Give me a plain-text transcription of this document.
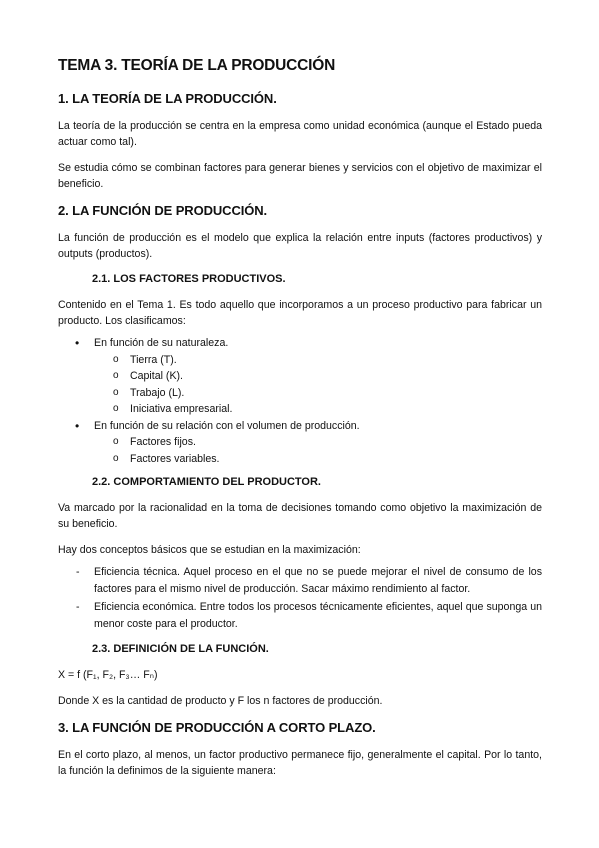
TEMA 3. TEORÍA DE LA PRODUCCIÓN
1. LA TEORÍA DE LA PRODUCCIÓN.

La teoría de la producción se centra en la empresa como unidad económica (aunque el Estado pueda actuar como tal).

Se estudia cómo se combinan factores para generar bienes y servicios con el objetivo de maximizar el beneficio.

2. LA FUNCIÓN DE PRODUCCIÓN.

La función de producción es el modelo que explica la relación entre inputs (factores productivos) y outputs (productos).

2.1. LOS FACTORES PRODUCTIVOS.

Contenido en el Tema 1. Es todo aquello que incorporamos a un proceso productivo para fabricar un producto. Los clasificamos:

• En función de su naturaleza.
o Tierra (T).
o Capital (K).
o Trabajo (L).
o Iniciativa empresarial.
• En función de su relación con el volumen de producción.
o Factores fijos.
o Factores variables.
2.2. COMPORTAMIENTO DEL PRODUCTOR.

Va marcado por la racionalidad en la toma de decisiones tomando como objetivo la maximización de su beneficio.

Hay dos conceptos básicos que se estudian en la maximización:

- Eficiencia técnica. Aquel proceso en el que no se puede mejorar el nivel de consumo de los factores para el mismo nivel de producción. Sacar máximo rendimiento al factor.
- Eficiencia económica. Entre todos los procesos técnicamente eficientes, aquel que suponga un menor coste para el productor.
2.3. DEFINICIÓN DE LA FUNCIÓN.

X = f (F₁, F₂, F₃… Fₙ)

Donde X es la cantidad de producto y F los n factores de producción.

3. LA FUNCIÓN DE PRODUCCIÓN A CORTO PLAZO.

En el corto plazo, al menos, un factor productivo permanece fijo, generalmente el capital. Por lo tanto, la función la definimos de la siguiente manera:
